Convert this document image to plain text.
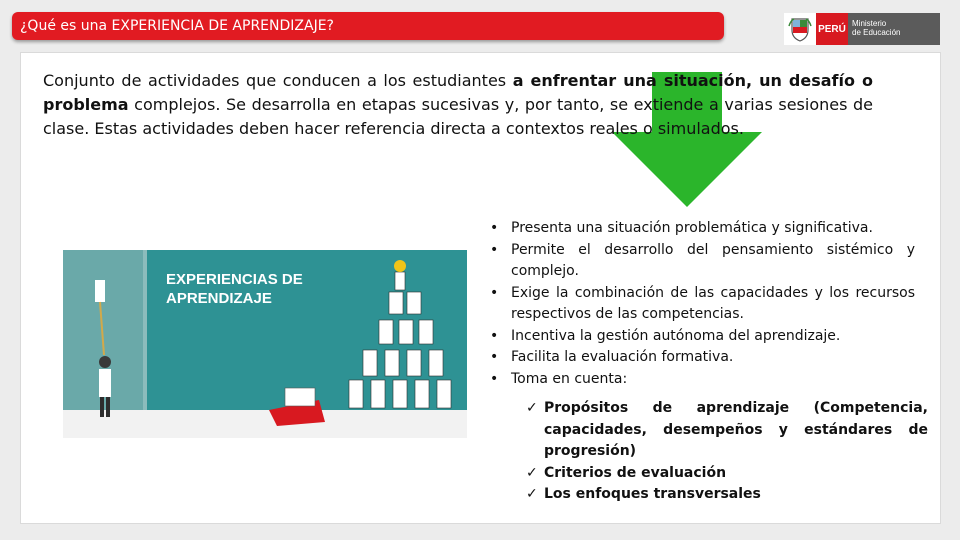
¿Qué es una EXPERIENCIA DE APRENDIZAJE?	PERÚ Ministerio
de Educación
Conjunto de actividades que conducen a los estudiantes a enfrentar una situación, un desafío o problema complejos. Se desarrolla en etapas sucesivas y, por tanto, se extiende a varias sesiones de clase. Estas actividades deben hacer referencia directa a contextos reales o simulados.
EXPERIENCIAS DE
APRENDIZAJE
• Presenta una situación problemática y significativa.
• Permite el desarrollo del pensamiento sistémico y complejo.
• Exige la combinación de las capacidades y los recursos respectivos de las competencias.
• Incentiva la gestión autónoma del aprendizaje.
• Facilita la evaluación formativa.
• Toma en cuenta:
✓ Propósitos de aprendizaje (Competencia, capacidades, desempeños y estándares de progresión)
✓ Criterios de evaluación
✓ Los enfoques transversales
